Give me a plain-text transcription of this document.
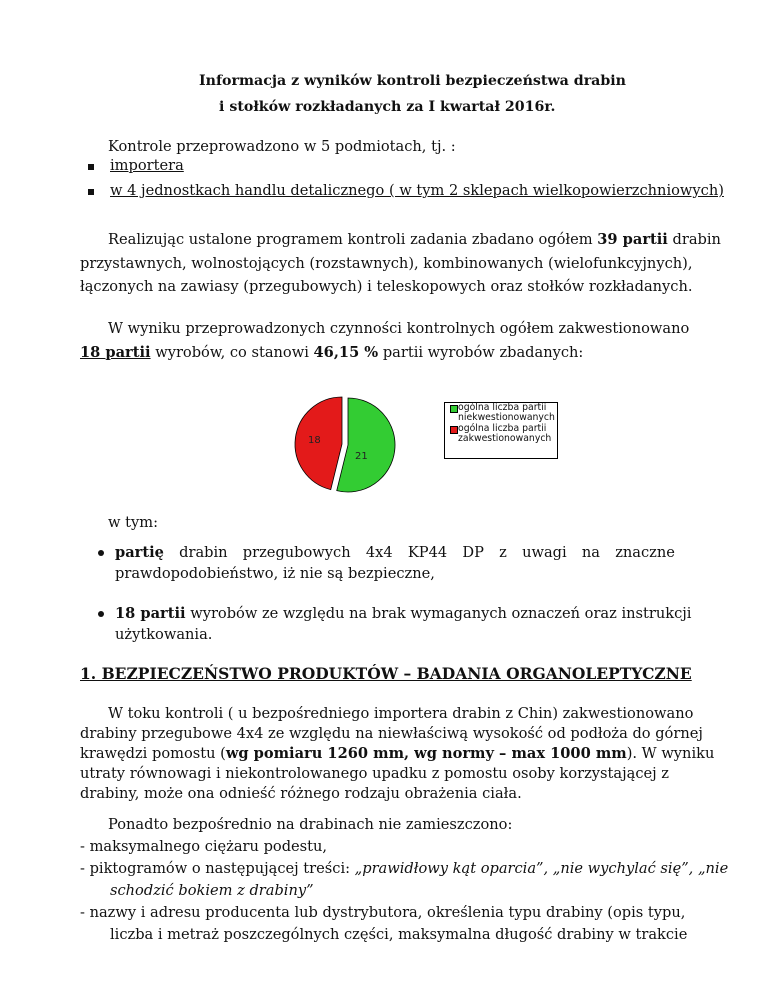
Informacja z wyników kontroli bezpieczeństwa drabin
i stołków rozkładanych za I kwartał 2016r.
Kontrole przeprowadzono w 5 podmiotach, tj. :
importera
w 4 jednostkach handlu detalicznego ( w tym 2 sklepach wielkopowierzchniowych)
Realizując ustalone programem kontroli zadania zbadano ogółem 39 partii drabin
przystawnych, wolnostojących (rozstawnych), kombinowanych (wielofunkcyjnych),
łączonych na zawiasy (przegubowych) i teleskopowych oraz stołków rozkładanych.
W wyniku przeprowadzonych czynności kontrolnych ogółem zakwestionowano
18 partii wyrobów, co stanowi 46,15 % partii wyrobów zbadanych:
21
18
ogólna liczba partii
niekwestionowanych
ogólna liczba partii
zakwestionowanych
w tym:
partię drabin przegubowych 4x4 KP44 DP z uwagi na znaczne
prawdopodobieństwo, iż nie są bezpieczne,
18 partii wyrobów ze względu na brak wymaganych oznaczeń oraz instrukcji
użytkowania.
1. BEZPIECZEŃSTWO PRODUKTÓW – BADANIA ORGANOLEPTYCZNE
W toku kontroli ( u bezpośredniego importera drabin z Chin) zakwestionowano
drabiny przegubowe 4x4 ze względu na niewłaściwą wysokość od podłoża do górnej
krawędzi pomostu (wg pomiaru 1260 mm, wg normy – max 1000 mm). W wyniku
utraty równowagi i niekontrolowanego upadku z pomostu osoby korzystającej z
drabiny, może ona odnieść różnego rodzaju obrażenia ciała.
Ponadto bezpośrednio na drabinach nie zamieszczono:
- maksymalnego ciężaru podestu,
- piktogramów o następującej treści: „prawidłowy kąt oparcia”, „nie wychylać się”, „nie
schodzić bokiem z drabiny”
- nazwy i adresu producenta lub dystrybutora, określenia typu drabiny (opis typu,
liczba i metraż poszczególnych części, maksymalna długość drabiny w trakcie
